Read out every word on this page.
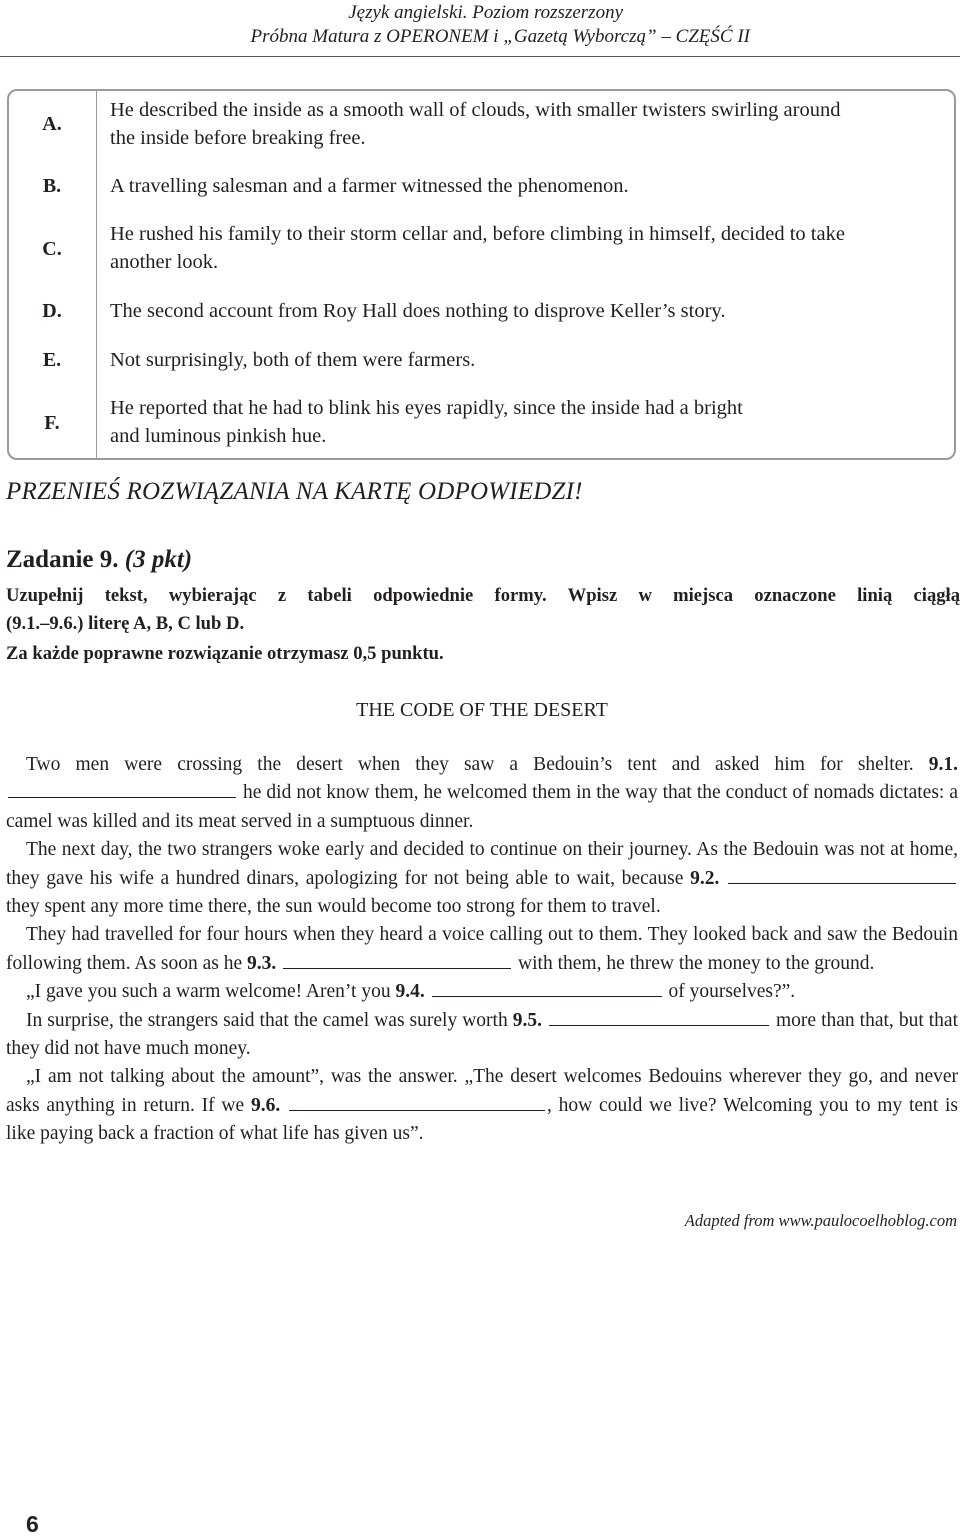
Język angielski. Poziom rozszerzony
Próbna Matura z OPERONEM i „Gazetą Wyborczą” – CZĘŚĆ II
A.
He described the inside as a smooth wall of clouds, with smaller twisters swirling around
the inside before breaking free.
B. A travelling salesman and a farmer witnessed the phenomenon.
C.
He rushed his family to their storm cellar and, before climbing in himself, decided to take
another look.
D. The second account from Roy Hall does nothing to disprove Keller’s story.
E. Not surprisingly, both of them were farmers.
F.
He reported that he had to blink his eyes rapidly, since the inside had a bright
and luminous pinkish hue.
PRZENIEŚ ROZWIĄZANIA NA KARTĘ ODPOWIEDZI!
Zadanie 9. (3 pkt)
Uzupełnij tekst, wybierając z tabeli odpowiednie formy. Wpisz w miejsca oznaczone linią ciągłą
(9.1.–9.6.) literę A, B, C lub D.
Za każde poprawne rozwiązanie otrzymasz 0,5 punktu.
THE CODE OF THE DESERT

Two men were crossing the desert when they saw a Bedouin’s tent and asked him for shelter. 9.1.  he did not know them, he welcomed them in the way that the conduct of nomads dictates: a camel was killed and its meat served in a sumptuous dinner.

The next day, the two strangers woke early and decided to continue on their journey. As the Bedouin was not at home, they gave his wife a hundred dinars, apologizing for not being able to wait, because 9.2.  they spent any more time there, the sun would become too strong for them to travel.

They had travelled for four hours when they heard a voice calling out to them. They looked back and saw the Bedouin following them. As soon as he 9.3.	with them, he threw the money to the ground.

„I gave you such a warm welcome! Aren’t you 9.4.	of yourselves?”.

In surprise, the strangers said that the camel was surely worth 9.5.	more than that, but that they did not have much money.

„I am not talking about the amount”, was the answer. „The desert welcomes Bedouins wherever they go, and never asks anything in return. If we 9.6.	, how could we live? Welcoming you to my tent is like paying back a fraction of what life has given us”.

Adapted from www.paulocoelhoblog.com
6
